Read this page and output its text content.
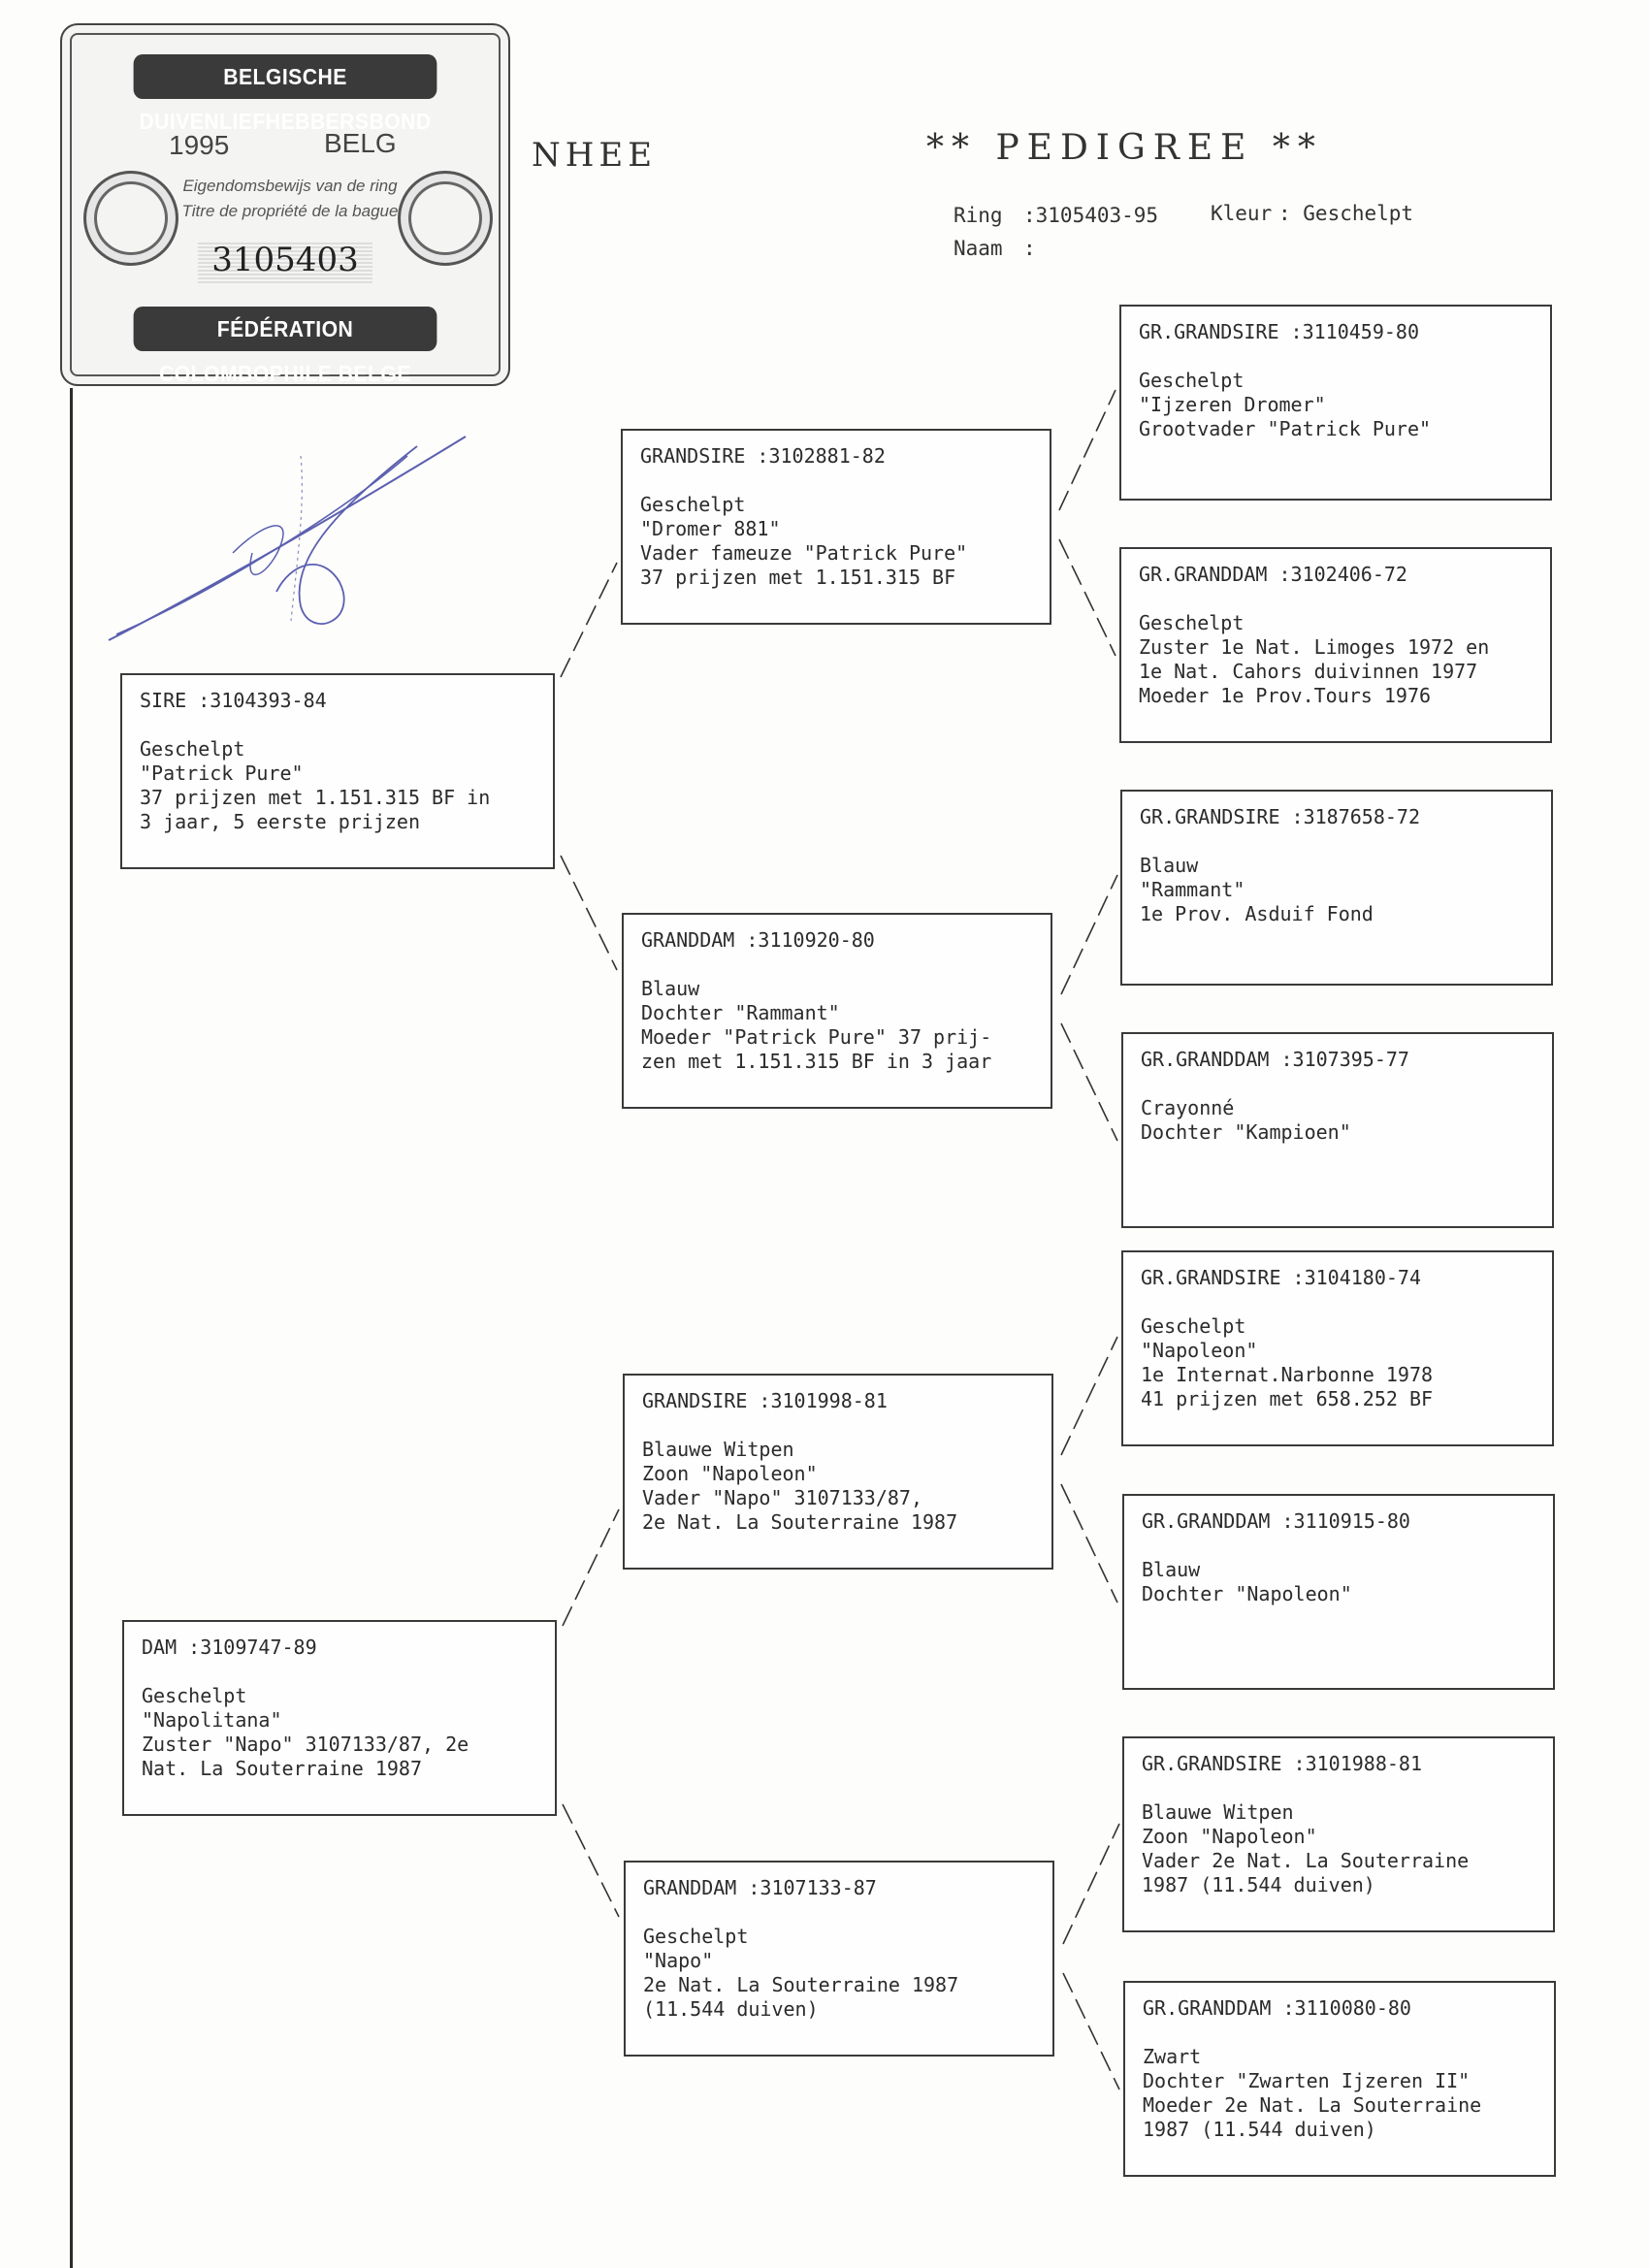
BELGISCHE DUIVENLIEFHEBBERSBOND
1995	BELG
Eigendomsbewijs van de ring
Titre de propriété de la bague
3105403
FÉDÉRATION COLOMBOPHILE BELGE
NHEE	** PEDIGREE **
Ring :3105403-95	Kleur : Geschelpt
Naam :
SIRE :3104393-84
Geschelpt
"Patrick Pure"
37 prijzen met 1.151.315 BF in
3 jaar, 5 eerste prijzen
DAM :3109747-89
Geschelpt
"Napolitana"
Zuster "Napo" 3107133/87, 2e
Nat. La Souterraine 1987
GRANDSIRE :3102881-82
Geschelpt
"Dromer 881"
Vader fameuze "Patrick Pure"
37 prijzen met 1.151.315 BF
GRANDDAM :3110920-80
Blauw
Dochter "Rammant"
Moeder "Patrick Pure" 37 prij-
zen met 1.151.315 BF in 3 jaar
GRANDSIRE :3101998-81
Blauwe Witpen
Zoon "Napoleon"
Vader "Napo" 3107133/87,
2e Nat. La Souterraine 1987
GRANDDAM :3107133-87
Geschelpt
"Napo"
2e Nat. La Souterraine 1987
(11.544 duiven)
GR.GRANDSIRE :3110459-80
Geschelpt
"Ijzeren Dromer"
Grootvader "Patrick Pure"
GR.GRANDDAM :3102406-72
Geschelpt
Zuster 1e Nat. Limoges 1972 en
1e Nat. Cahors duivinnen 1977
Moeder 1e Prov.Tours 1976
GR.GRANDSIRE :3187658-72
Blauw
"Rammant"
1e Prov. Asduif Fond
GR.GRANDDAM :3107395-77
Crayonné
Dochter "Kampioen"
GR.GRANDSIRE :3104180-74
Geschelpt
"Napoleon"
1e Internat.Narbonne 1978
41 prijzen met 658.252 BF
GR.GRANDDAM :3110915-80
Blauw
Dochter "Napoleon"
GR.GRANDSIRE :3101988-81
Blauwe Witpen
Zoon "Napoleon"
Vader 2e Nat. La Souterraine
1987 (11.544 duiven)
GR.GRANDDAM :3110080-80
Zwart
Dochter "Zwarten Ijzeren II"
Moeder 2e Nat. La Souterraine
1987 (11.544 duiven)
